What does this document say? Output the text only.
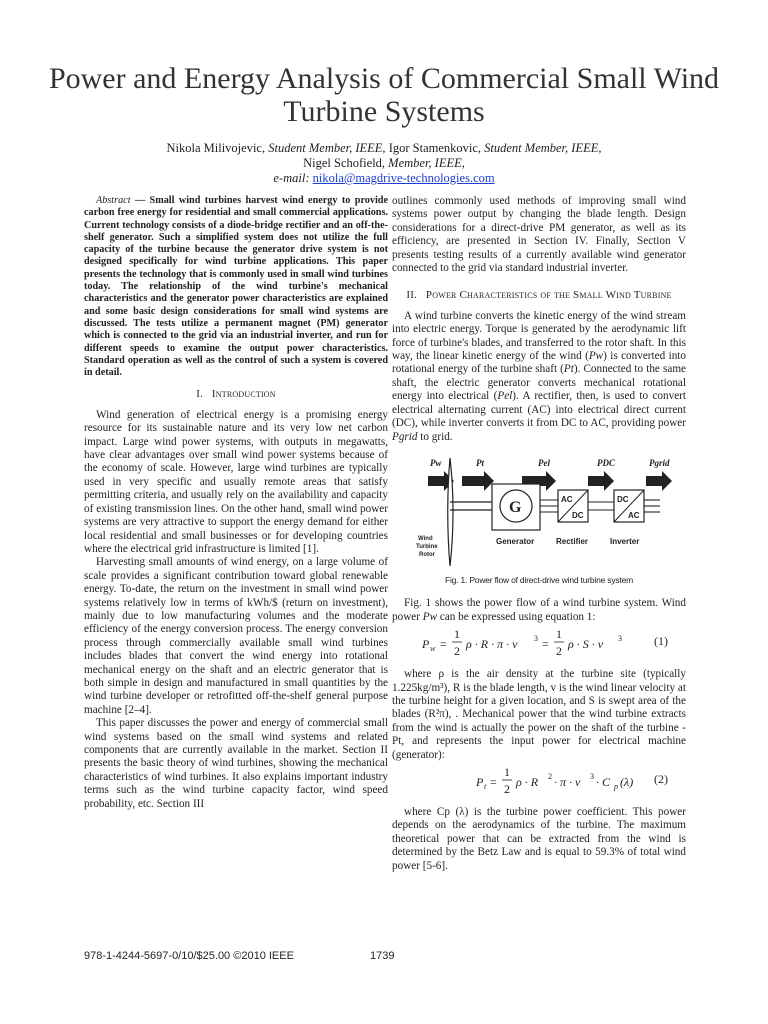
Power and Energy Analysis of Commercial Small Wind Turbine Systems
Nikola Milivojevic, Student Member, IEEE, Igor Stamenkovic, Student Member, IEEE,
Nigel Schofield, Member, IEEE,
e-mail: nikola@magdrive-technologies.com

Abstract — Small wind turbines harvest wind energy to provide carbon free energy for residential and small commercial applications. Current technology consists of a diode-bridge rectifier and an off-the-shelf generator. Such a simplified system does not utilize the full capacity of the turbine because the generator drive system is not designed specifically for wind turbine applications. This paper presents the technology that is commonly used in small wind turbines today. The relationship of the wind turbine's mechanical characteristics and the generator power characteristics are explained and some basic design considerations for small wind systems are discussed. The tests utilize a permanent magnet (PM) generator which is connected to the grid via an industrial inverter, and run for different speeds to examine the output power characteristics. Standard operation as well as the control of such a system is covered in detail.

I. Introduction

Wind generation of electrical energy is a promising energy resource for its sustainable nature and its very low net carbon impact. Large wind power systems, with outputs in megawatts, have clear advantages over small wind power systems because of the economy of scale. However, large wind turbines are typically used in very specific and usually remote areas that satisfy permitting criteria, and usually rely on the availability and capacity of existing transmission lines. On the other hand, small wind power systems are very attractive to support the energy demand for either local residential and small businesses or for developing countries where the electrical grid infrastructure is limited [1].

Harvesting small amounts of wind energy, on a large volume of scale provides a significant contribution toward global renewable energy. To-date, the return on the investment in small wind power systems relatively low in terms of kWh/$ (return on investment), mainly due to low manufacturing volumes and the moderate efficiency of the energy conversion process. The energy conversion process through commercially available small wind turbines includes blades that convert the wind energy into rotational mechanical energy on the shaft and an electric generator that is both simple in design and manufactured in small quantities by the wind turbine developer or retrofitted off-the-shelf general purpose machine [2–4].

This paper discusses the power and energy of commercial small wind systems based on the small wind systems and related components that are currently available in the market. Section II presents the basic theory of wind turbines, showing the mechanical characteristics of wind turbines. It also explains important industry terms such as the wind turbine capacity factor, wind speed probability, etc. Section III

outlines commonly used methods of improving small wind systems power output by changing the blade length. Design considerations for a direct-drive PM generator, as well as its efficiency, are presented in Section IV. Finally, Section V presents testing results of a currently available wind generator connected to the grid via standard industrial inverter.

II. Power Characteristics of the Small Wind Turbine

A wind turbine converts the kinetic energy of the wind stream into electric energy. Torque is generated by the aerodynamic lift force of turbine's blades, and transferred to the rotor shaft. In this way, the linear kinetic energy of the wind (Pw) is converted into rotational energy of the turbine shaft (Pt). Connected to the same shaft, the electric generator converts mechanical rotational energy into electrical (Pel). A rectifier, then, is used to convert electrical alternating current (AC) into electrical direct current (DC), while inverter converts it from DC to AC, providing power Pgrid to grid.

Pw	Pt	Pel	PDC	Pgrid
G	AC
DC
DC
AC
Generator	Rectifier	Inverter
Wind
Turbine
Rotor
Fig. 1. Power flow of direct-drive wind turbine system

Fig. 1 shows the power flow of a wind turbine system. Wind power Pw can be expressed using equation 1:

P w =
1
2 ρ · R · π · v 3 =
1
2 ρ · S · v 3	(1)

where ρ is the air density at the turbine site (typically 1.225kg/m³), R is the blade length, v is the wind linear velocity at the turbine height for a given location, and S is swept area of the blades (R²π), . Mechanical power that the wind turbine extracts from the wind is actually the power on the shaft of the turbine - Pt, and represents the input power for electrical machine (generator):

P t =
1
2 ρ · R 2 · π · v 3 · C p (λ) (2)

where Cp (λ) is the turbine power coefficient. This power depends on the aerodynamics of the turbine. The maximum theoretical power that can be extracted from the wind is determined by the Betz Law and is equal to 59.3% of total wind power [5-6].

978-1-4244-5697-0/10/$25.00 ©2010 IEEE	1739
